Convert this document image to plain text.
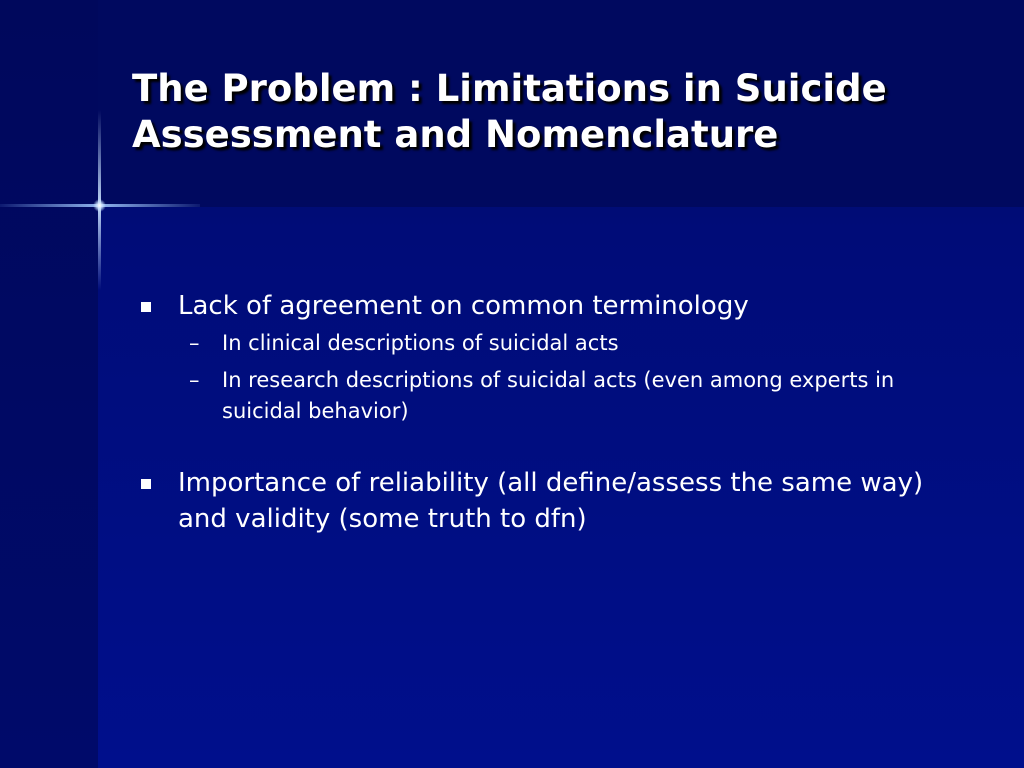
The Problem : Limitations in Suicide Assessment and Nomenclature
Lack of agreement on common terminology
– In clinical descriptions of suicidal acts
– In research descriptions of suicidal acts (even among experts in suicidal behavior)
Importance of reliability (all define/assess the same way) and validity (some truth to dfn)
